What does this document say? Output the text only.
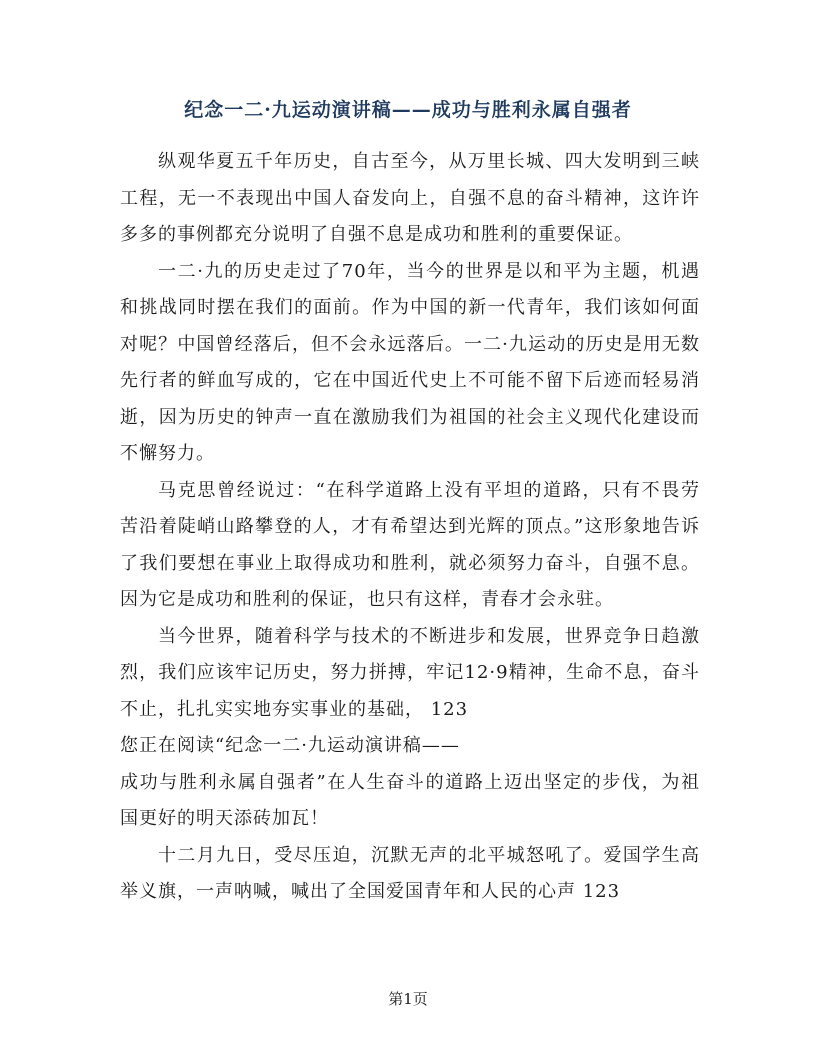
纪念一二·九运动演讲稿——成功与胜利永属自强者

纵观华夏五千年历史，自古至今，从万里长城、四大发明到三峡工程，无一不表现出中国人奋发向上，自强不息的奋斗精神，这许许多多的事例都充分说明了自强不息是成功和胜利的重要保证。

一二·九的历史走过了70年，当今的世界是以和平为主题，机遇和挑战同时摆在我们的面前。作为中国的新一代青年，我们该如何面对呢？中国曾经落后，但不会永远落后。一二·九运动的历史是用无数先行者的鲜血写成的，它在中国近代史上不可能不留下后迹而轻易消逝，因为历史的钟声一直在激励我们为祖国的社会主义现代化建设而不懈努力。

马克思曾经说过：“在科学道路上没有平坦的道路，只有不畏劳苦沿着陡峭山路攀登的人，才有希望达到光辉的顶点。”这形象地告诉了我们要想在事业上取得成功和胜利，就必须努力奋斗，自强不息。因为它是成功和胜利的保证，也只有这样，青春才会永驻。

当今世界，随着科学与技术的不断进步和发展，世界竞争日趋激烈，我们应该牢记历史，努力拼搏，牢记12·9精神，生命不息，奋斗不止，扎扎实实地夯实事业的基础， 123

您正在阅读“纪念一二·九运动演讲稿——

成功与胜利永属自强者”在人生奋斗的道路上迈出坚定的步伐，为祖国更好的明天添砖加瓦！

十二月九日，受尽压迫，沉默无声的北平城怒吼了。爱国学生高举义旗，一声呐喊，喊出了全国爱国青年和人民的心声 123

第1页
